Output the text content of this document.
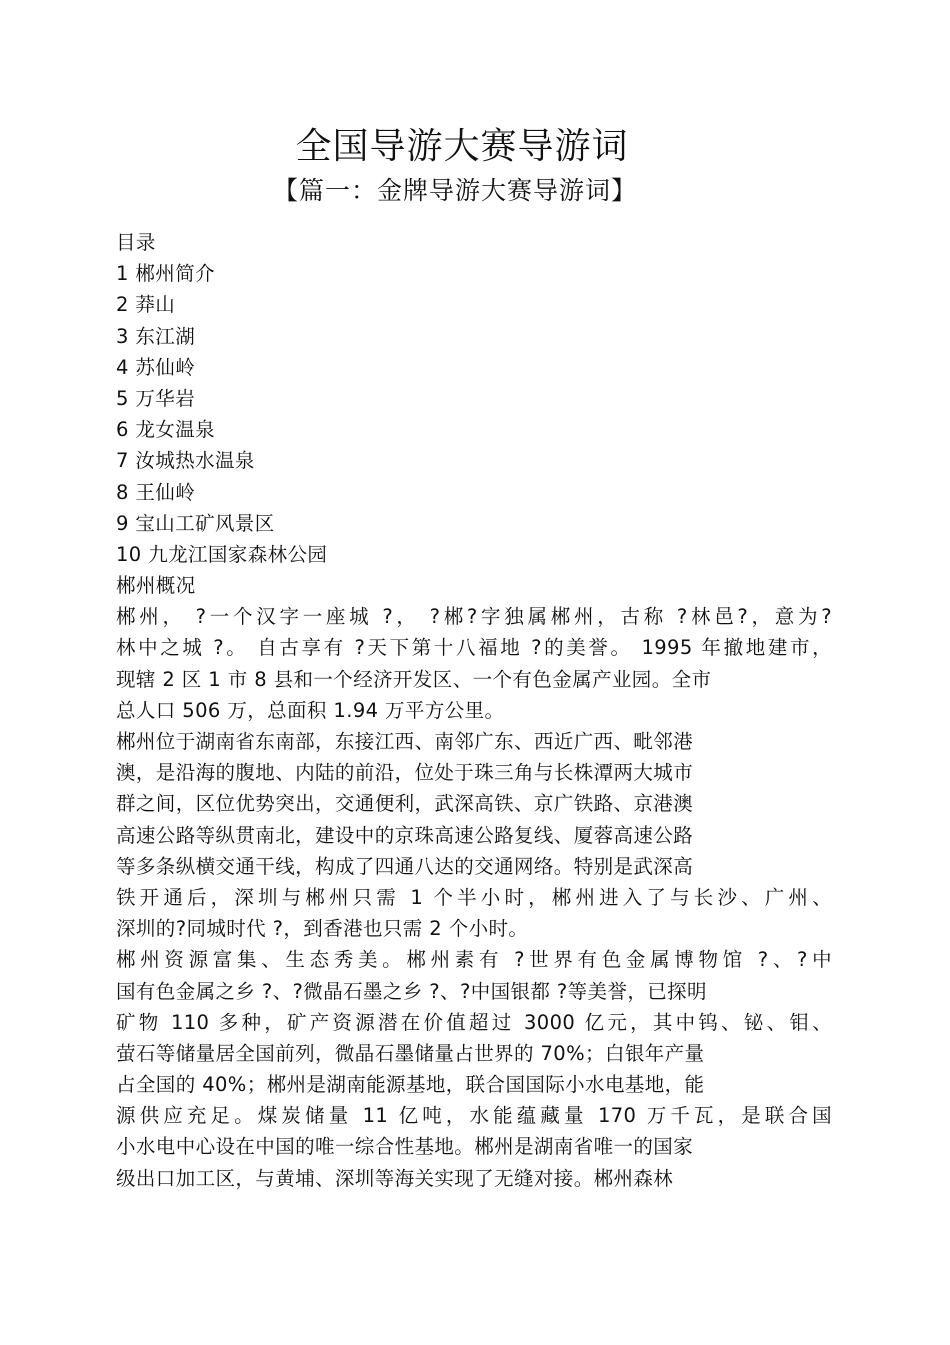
全国导游大赛导游词
【篇一：金牌导游大赛导游词】
目录
1 郴州简介
2 莽山
3 东江湖
4 苏仙岭
5 万华岩
6 龙女温泉
7 汝城热水温泉
8 王仙岭
9 宝山工矿风景区
10 九龙江国家森林公园
郴州概况
郴州， ?一个汉字一座城 ?， ?郴?字独属郴州，古称 ?林邑?，意为?
林中之城 ?。 自古享有 ?天下第十八福地 ?的美誉。 1995 年撤地建市，
现辖 2 区 1 市 8 县和一个经济开发区、一个有色金属产业园。全市
总人口 506 万，总面积 1.94 万平方公里。
郴州位于湖南省东南部，东接江西、南邻广东、西近广西、毗邻港
澳，是沿海的腹地、内陆的前沿，位处于珠三角与长株潭两大城市
群之间，区位优势突出，交通便利，武深高铁、京广铁路、京港澳
高速公路等纵贯南北，建设中的京珠高速公路复线、厦蓉高速公路
等多条纵横交通干线，构成了四通八达的交通网络。特别是武深高
铁开通后，深圳与郴州只需 1 个半小时，郴州进入了与长沙、广州、
深圳的?同城时代 ?，到香港也只需 2 个小时。
郴州资源富集、生态秀美。郴州素有 ?世界有色金属博物馆 ?、?中
国有色金属之乡 ?、?微晶石墨之乡 ?、?中国银都 ?等美誉，已探明
矿物 110 多种，矿产资源潜在价值超过 3000 亿元，其中钨、铋、钼、
萤石等储量居全国前列，微晶石墨储量占世界的 70%；白银年产量
占全国的 40%；郴州是湖南能源基地，联合国国际小水电基地，能
源供应充足。煤炭储量 11 亿吨，水能蕴藏量 170 万千瓦，是联合国
小水电中心设在中国的唯一综合性基地。郴州是湖南省唯一的国家
级出口加工区，与黄埔、深圳等海关实现了无缝对接。郴州森林
